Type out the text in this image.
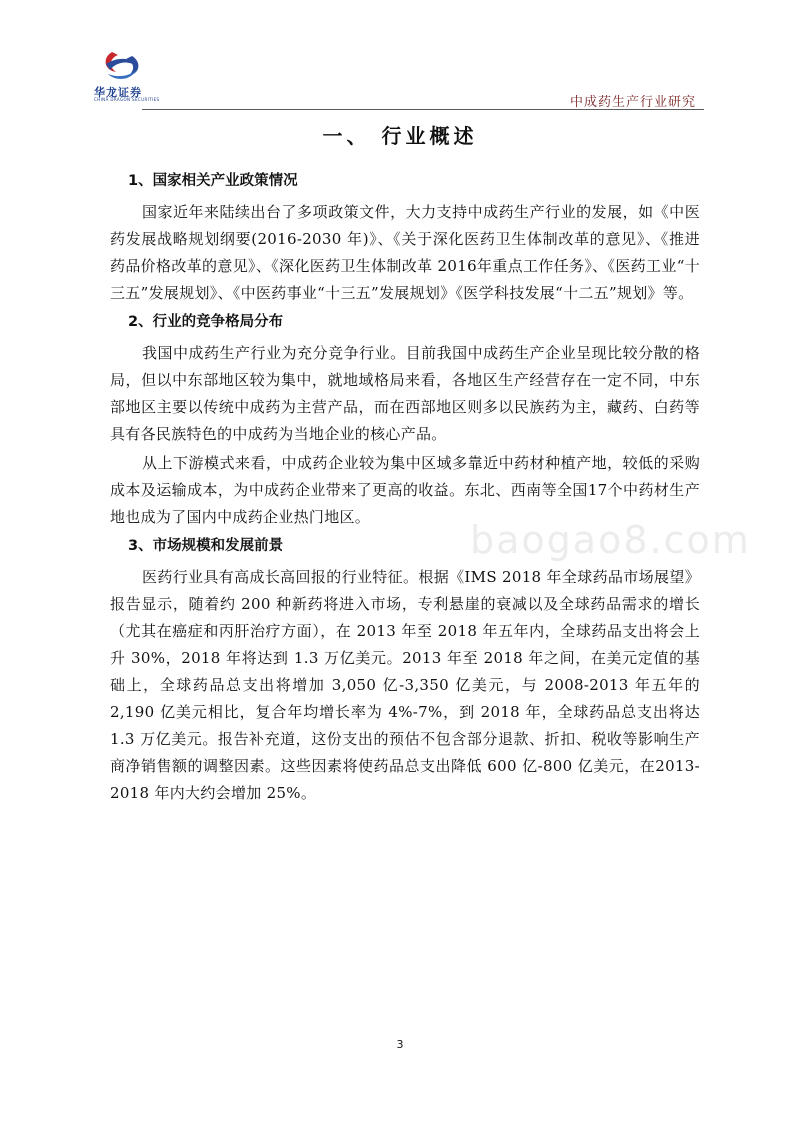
华龙证券
CHINA DRAGON SECURITIES	中成药生产行业研究
一、 行业概述
1、国家相关产业政策情况
国家近年来陆续出台了多项政策文件，大力支持中成药生产行业的发展，如《中医药发展战略规划纲要(2016-2030 年)》、《关于深化医药卫生体制改革的意见》、《推进药品价格改革的意见》、《深化医药卫生体制改革 2016年重点工作任务》、《医药工业“十三五”发展规划》、《中医药事业“十三五”发展规划》《医学科技发展“十二五”规划》等。
2、行业的竞争格局分布
我国中成药生产行业为充分竞争行业。目前我国中成药生产企业呈现比较分散的格局，但以中东部地区较为集中，就地域格局来看，各地区生产经营存在一定不同，中东部地区主要以传统中成药为主营产品，而在西部地区则多以民族药为主，藏药、白药等具有各民族特色的中成药为当地企业的核心产品。
从上下游模式来看，中成药企业较为集中区域多靠近中药材种植产地，较低的采购成本及运输成本，为中成药企业带来了更高的收益。东北、西南等全国17个中药材生产地也成为了国内中成药企业热门地区。
3、市场规模和发展前景
医药行业具有高成长高回报的行业特征。根据《IMS 2018 年全球药品市场展望》报告显示，随着约 200 种新药将进入市场，专利悬崖的衰减以及全球药品需求的增长（尤其在癌症和丙肝治疗方面），在 2013 年至 2018 年五年内，全球药品支出将会上升 30%，2018 年将达到 1.3 万亿美元。2013 年至 2018 年之间，在美元定值的基础上，全球药品总支出将增加 3,050 亿-3,350 亿美元，与 2008-2013 年五年的2,190 亿美元相比，复合年均增长率为 4%-7%，到 2018 年，全球药品总支出将达 1.3 万亿美元。报告补充道，这份支出的预估不包含部分退款、折扣、税收等影响生产商净销售额的调整因素。这些因素将使药品总支出降低 600 亿-800 亿美元，在2013-2018 年内大约会增加 25%。
baogao8.com
3
